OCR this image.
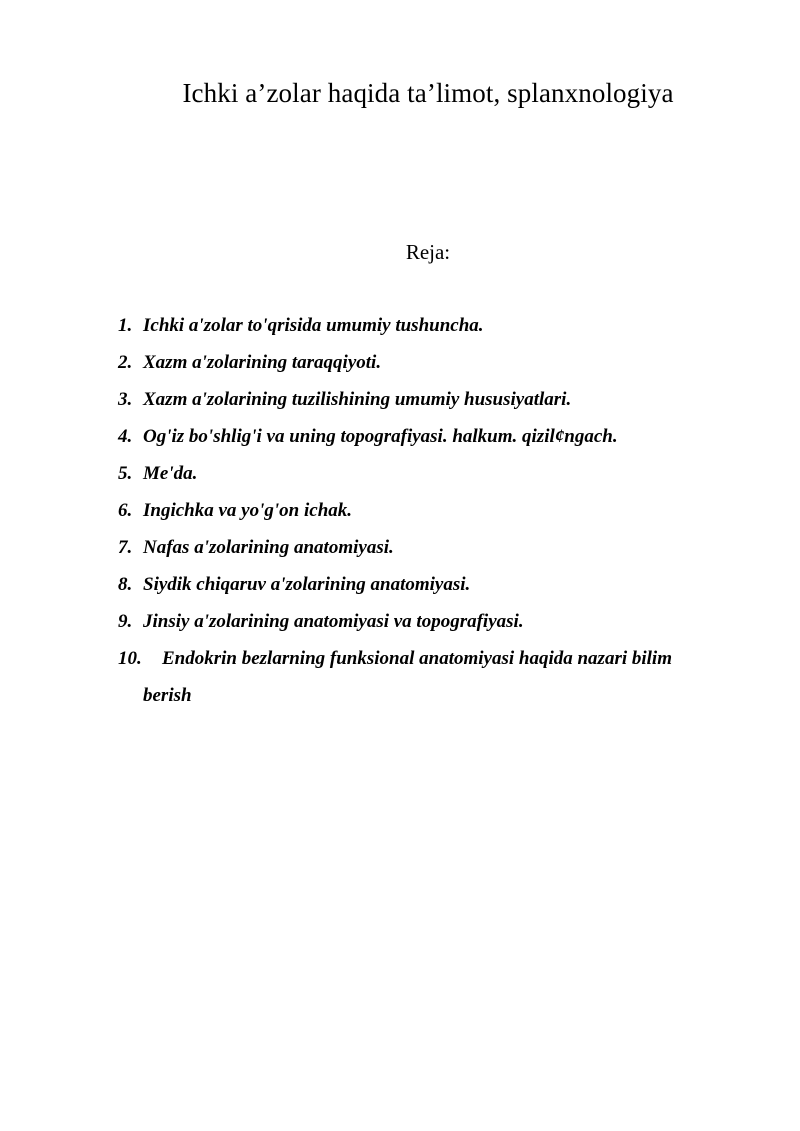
Ichki a’zolar haqida ta’limot, splanxnologiya
Reja:
1. Ichki a'zolar to'qrisida umumiy tushuncha.
2. Xazm a'zolarining taraqqiyoti.
3. Xazm a'zolarining tuzilishining umumiy hususiyatlari.
4. Og'iz bo'shlig'i va uning topografiyasi. halkum. qizil¢ngach.
5. Me'da.
6. Ingichka va yo'g'on ichak.
7. Nafas a'zolarining anatomiyasi.
8. Siydik chiqaruv a'zolarining anatomiyasi.
9. Jinsiy a'zolarining anatomiyasi va topografiyasi.
10.	Endokrin bezlarning funksional anatomiyasi haqida nazari bilim
berish
